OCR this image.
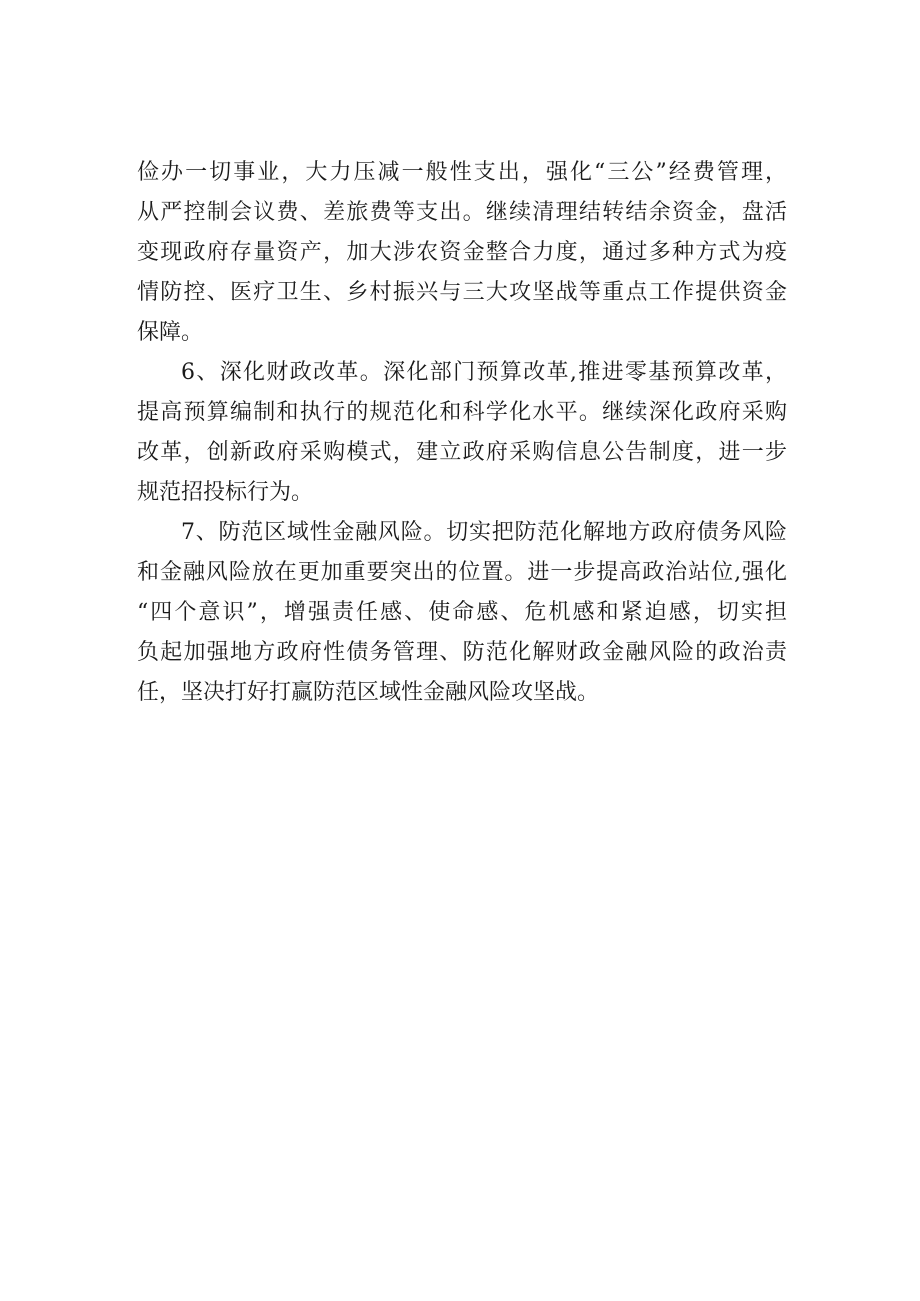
俭办一切事业，大力压减一般性支出，强化“三公”经费管理，
从严控制会议费、差旅费等支出。继续清理结转结余资金，盘活
变现政府存量资产，加大涉农资金整合力度，通过多种方式为疫
情防控、医疗卫生、乡村振兴与三大攻坚战等重点工作提供资金
保障。
6、深化财政改革。深化部门预算改革,推进零基预算改革，
提高预算编制和执行的规范化和科学化水平。继续深化政府采购
改革，创新政府采购模式，建立政府采购信息公告制度，进一步
规范招投标行为。
7、防范区域性金融风险。切实把防范化解地方政府债务风险
和金融风险放在更加重要突出的位置。进一步提高政治站位,强化
“四个意识”，增强责任感、使命感、危机感和紧迫感，切实担
负起加强地方政府性债务管理、防范化解财政金融风险的政治责
任，坚决打好打赢防范区域性金融风险攻坚战。
